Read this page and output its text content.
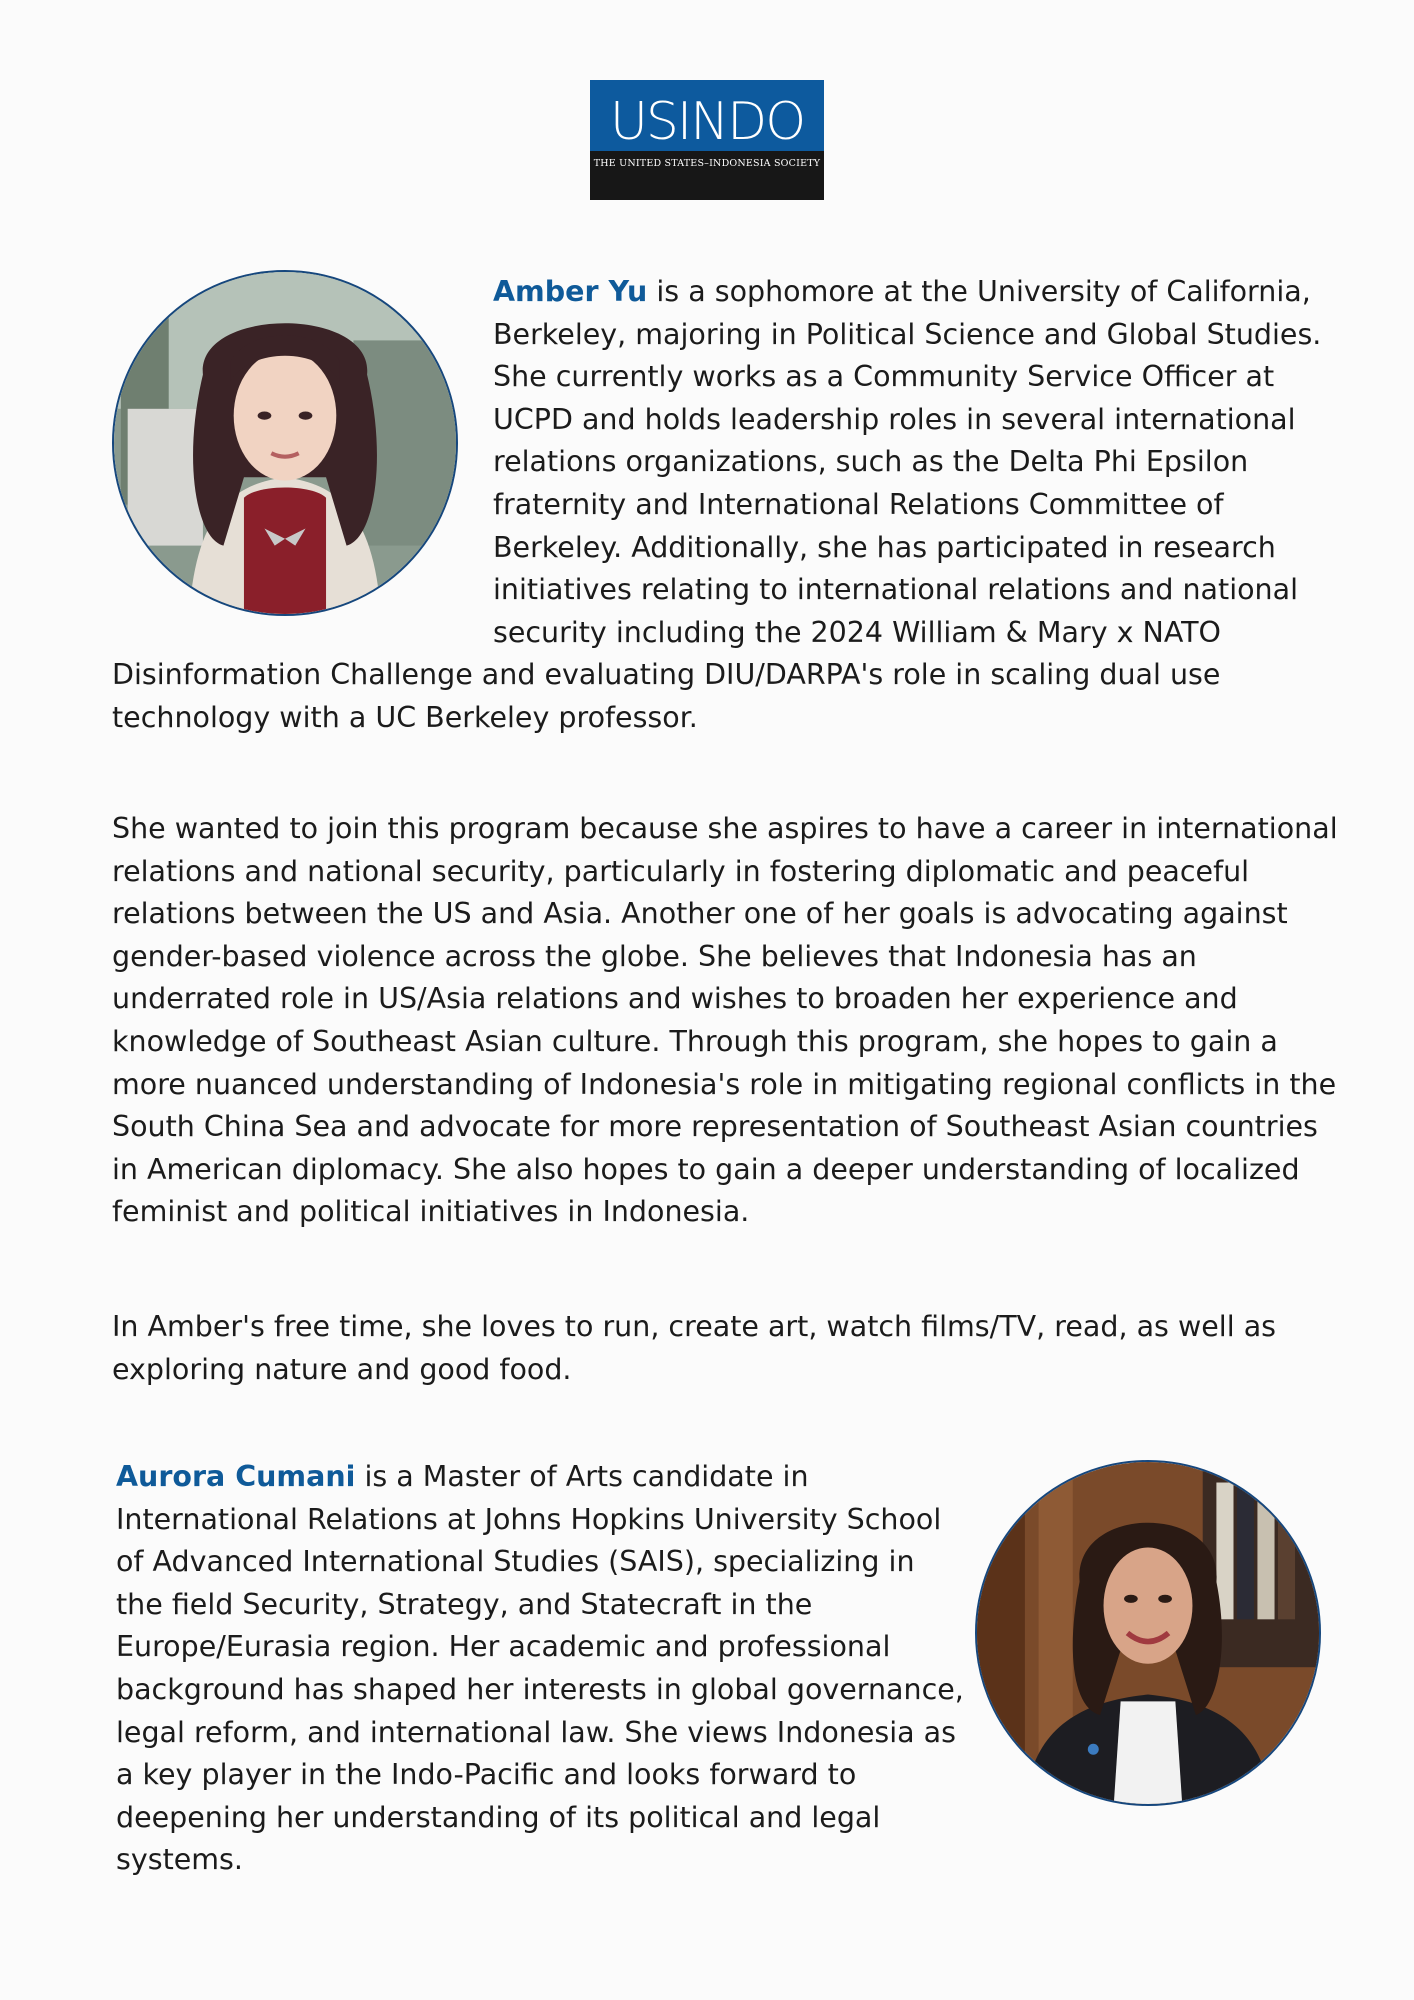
USINDO
THE UNITED STATES–INDONESIA SOCIETY

Amber Yu is a sophomore at the University of California, Berkeley, majoring in Political Science and Global Studies. She currently works as a Community Service Officer at UCPD and holds leadership roles in several international relations organizations, such as the Delta Phi Epsilon fraternity and International Relations Committee of Berkeley. Additionally, she has participated in research initiatives relating to international relations and national security including the 2024 William & Mary x NATO Disinformation Challenge and evaluating DIU/DARPA's role in scaling dual use technology with a UC Berkeley professor.

She wanted to join this program because she aspires to have a career in international relations and national security, particularly in fostering diplomatic and peaceful relations between the US and Asia. Another one of her goals is advocating against gender-based violence across the globe. She believes that Indonesia has an underrated role in US/Asia relations and wishes to broaden her experience and knowledge of Southeast Asian culture. Through this program, she hopes to gain a more nuanced understanding of Indonesia's role in mitigating regional conflicts in the South China Sea and advocate for more representation of Southeast Asian countries in American diplomacy. She also hopes to gain a deeper understanding of localized feminist and political initiatives in Indonesia.

In Amber's free time, she loves to run, create art, watch films/TV, read, as well as exploring nature and good food.

Aurora Cumani is a Master of Arts candidate in International Relations at Johns Hopkins University School of Advanced International Studies (SAIS), specializing in the field Security, Strategy, and Statecraft in the Europe/Eurasia region. Her academic and professional background has shaped her interests in global governance, legal reform, and international law. She views Indonesia as a key player in the Indo-Pacific and looks forward to deepening her understanding of its political and legal systems.
